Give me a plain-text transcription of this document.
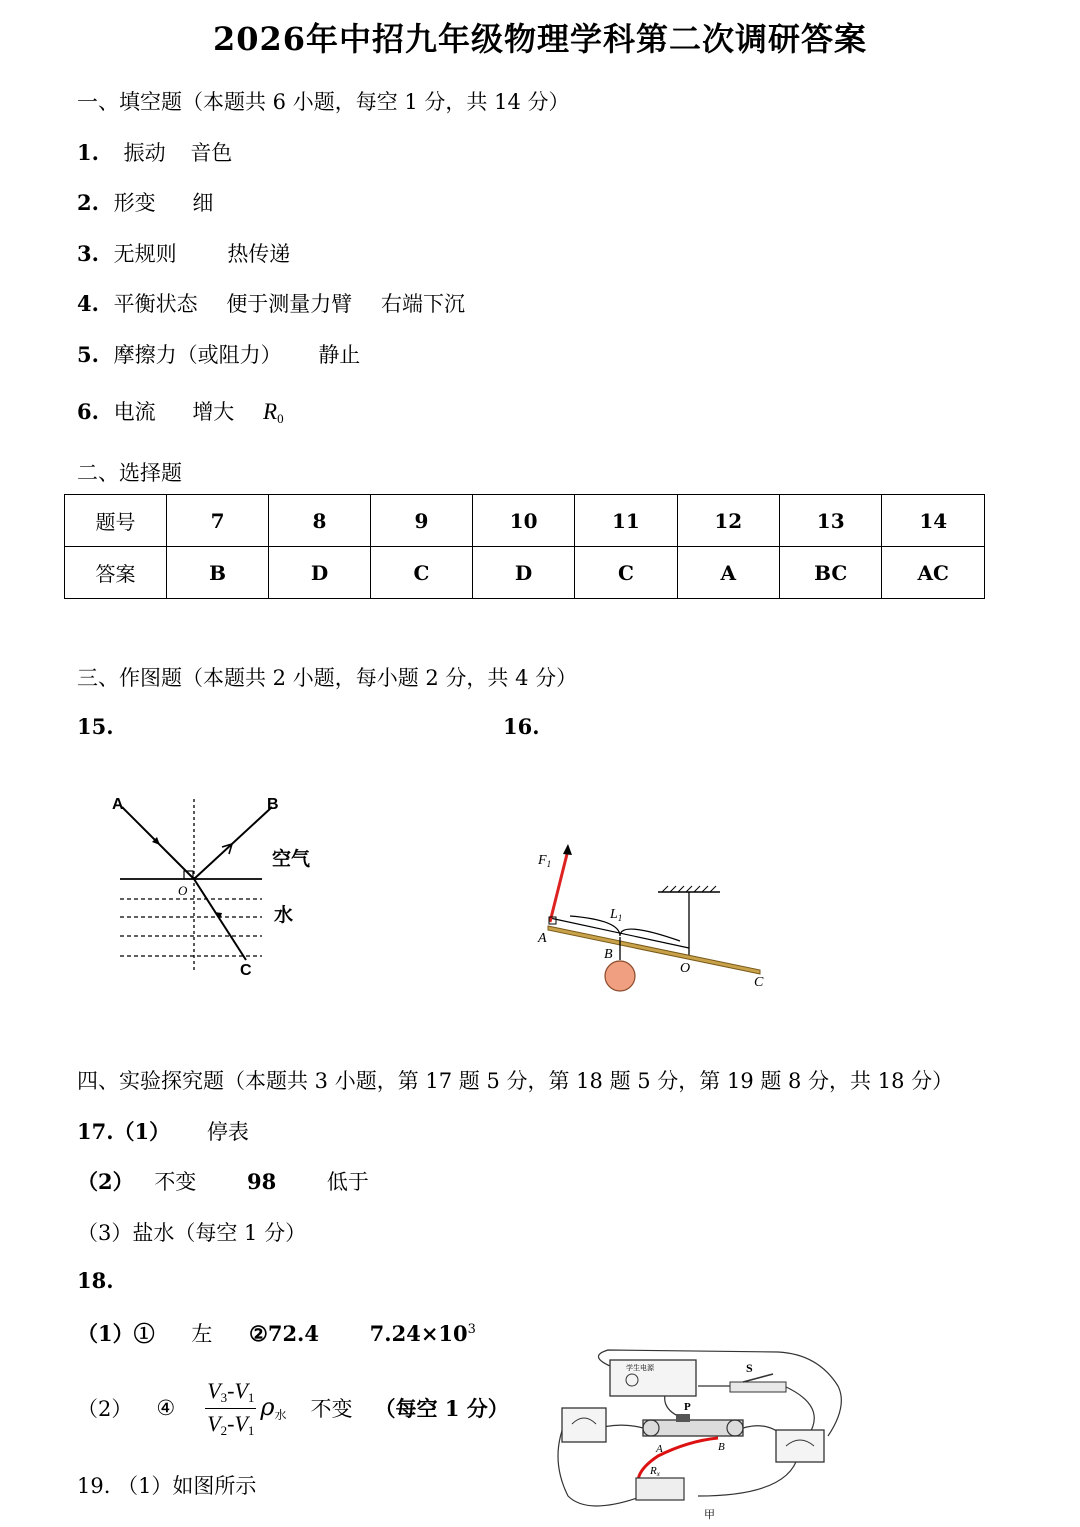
2026年中招九年级物理学科第二次调研答案
一、填空题（本题共 6 小题，每空 1 分，共 14 分）
1. 振动 音色
2. 形变 细
3. 无规则 热传递
4. 平衡状态 便于测量力臂 右端下沉
5. 摩擦力（或阻力） 静止
6. 电流 增大 $R_0$
二、选择题
题号	7	8	9	10	11	12	13	14
答案	B	D	C	D	C	A	BC	AC
三、作图题（本题共 2 小题，每小题 2 分，共 4 分）
15.	16.
A	B
C
O
空气
水
$F_1$
$L_1$
A
B
O
C
四、实验探究题（本题共 3 小题，第 17 题 5 分，第 18 题 5 分，第 19 题 8 分，共 18 分）
17.（1） 停表
（2） 不变 98 低于
（3）盐水（每空 1 分）
18.
（1）① 左 ②72.4 $7.24\times 10^3$
（2） ④ $\frac{V_3-V_1}{V_2-V_1} \rho_水$ 不变 （每空 1 分）
19. （1）如图所示
学生电源	S
P
A	B
Rx
甲
